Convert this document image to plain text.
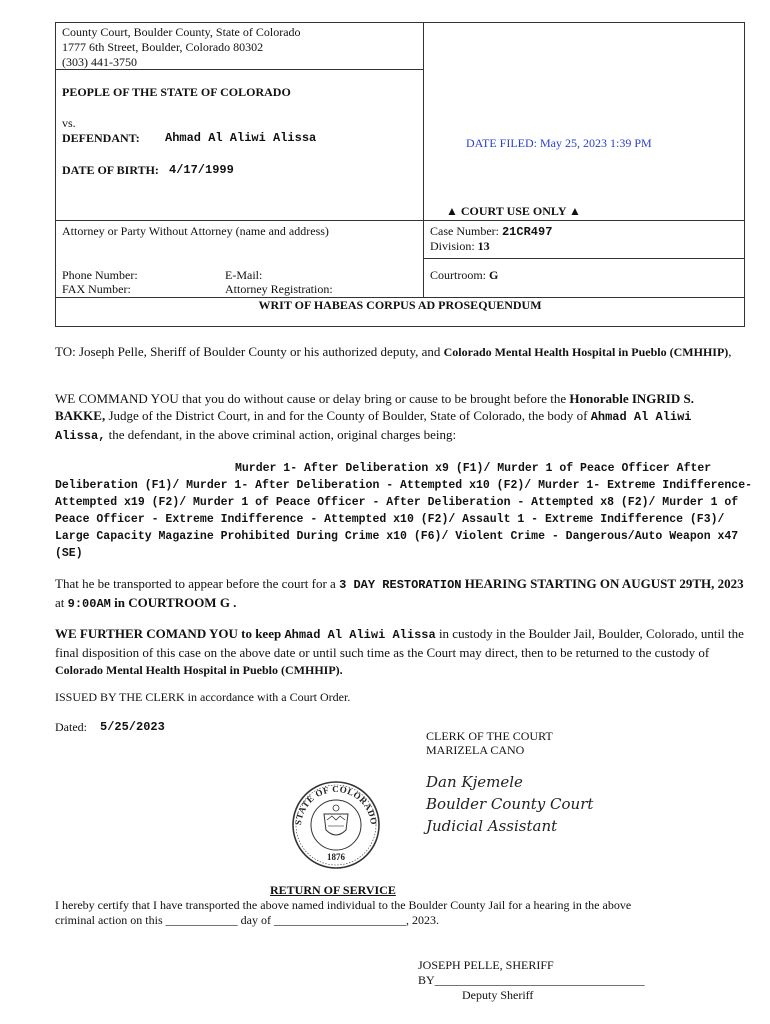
County Court, Boulder County, State of Colorado
1777 6th Street, Boulder, Colorado 80302
(303) 441-3750
PEOPLE OF THE STATE OF COLORADO
vs.
DEFENDANT: Ahmad Al Aliwi Alissa
DATE OF BIRTH: 4/17/1999
DATE FILED: May 25, 2023 1:39 PM
▲ COURT USE ONLY ▲
Attorney or Party Without Attorney (name and address)
Phone Number:
FAX Number:
E-Mail:
Attorney Registration:
Case Number: 21CR497
Division: 13
Courtroom: G
WRIT OF HABEAS CORPUS AD PROSEQUENDUM
TO: Joseph Pelle, Sheriff of Boulder County or his authorized deputy, and Colorado Mental Health Hospital in Pueblo (CMHHIP),
WE COMMAND YOU that you do without cause or delay bring or cause to be brought before the Honorable INGRID S. BAKKE, Judge of the District Court, in and for the County of Boulder, State of Colorado, the body of Ahmad Al Aliwi Alissa, the defendant, in the above criminal action, original charges being:
Murder 1- After Deliberation x9 (F1)/ Murder 1 of Peace Officer After
Deliberation (F1)/ Murder 1- After Deliberation - Attempted x10 (F2)/ Murder 1- Extreme Indifference-
Attempted x19 (F2)/ Murder 1 of Peace Officer - After Deliberation - Attempted x8 (F2)/ Murder 1 of
Peace Officer - Extreme Indifference - Attempted x10 (F2)/ Assault 1 - Extreme Indifference (F3)/
Large Capacity Magazine Prohibited During Crime x10 (F6)/ Violent Crime - Dangerous/Auto Weapon x47
(SE)
That he be transported to appear before the court for a 3 DAY RESTORATION HEARING STARTING ON AUGUST 29TH, 2023 at 9:00AM in COURTROOM G .
WE FURTHER COMAND YOU to keep Ahmad Al Aliwi Alissa in custody in the Boulder Jail, Boulder, Colorado, until the final disposition of this case on the above date or until such time as the Court may direct, then to be returned to the custody of Colorado Mental Health Hospital in Pueblo (CMHHIP).
ISSUED BY THE CLERK in accordance with a Court Order.
Dated: 5/25/2023
CLERK OF THE COURT
MARIZELA CANO
Dan Kjemele
Boulder County Court
Judicial Assistant
STATE OF COLORADO
1876
RETURN OF SERVICE
I hereby certify that I have transported the above named individual to the Boulder County Jail for a hearing in the above
criminal action on this ____________ day of ______________________, 2023.
JOSEPH PELLE, SHERIFF
BY___________________________________
Deputy Sheriff
